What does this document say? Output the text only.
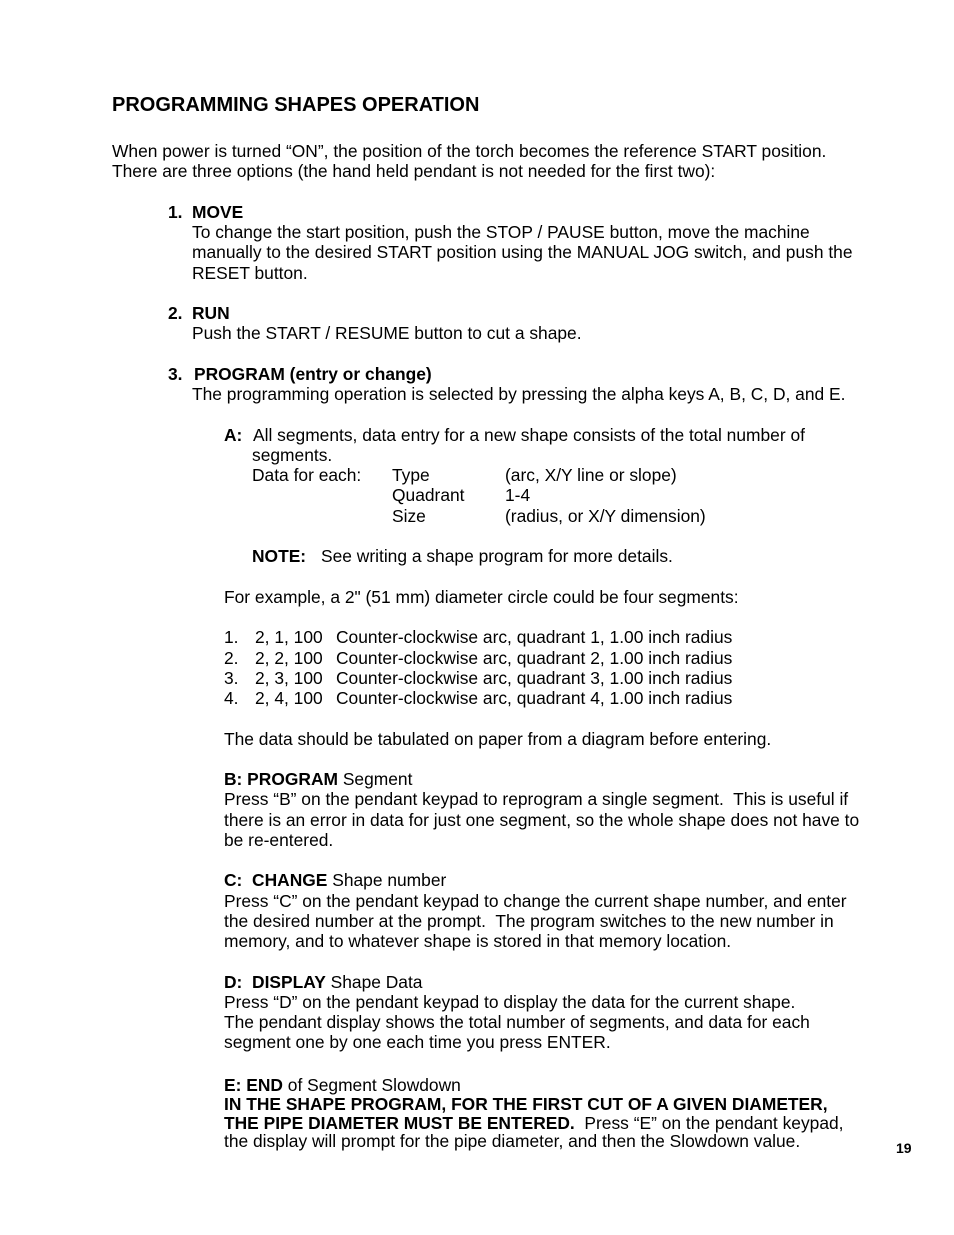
PROGRAMMING SHAPES OPERATION
When power is turned “ON”, the position of the torch becomes the reference START position.
There are three options (the hand held pendant is not needed for the first two):
1. MOVE
To change the start position, push the STOP / PAUSE button, move the machine
manually to the desired START position using the MANUAL JOG switch, and push the
RESET button.
2. RUN
Push the START / RESUME button to cut a shape.
3. PROGRAM (entry or change)
The programming operation is selected by pressing the alpha keys A, B, C, D, and E.
A: All segments, data entry for a new shape consists of the total number of
segments.
Data for each: Type	(arc, X/Y line or slope)
Quadrant 1-4
Size	(radius, or X/Y dimension)
NOTE: See writing a shape program for more details.
For example, a 2" (51 mm) diameter circle could be four segments:
1. 2, 1, 100 Counter-clockwise arc, quadrant 1, 1.00 inch radius
2. 2, 2, 100 Counter-clockwise arc, quadrant 2, 1.00 inch radius
3. 2, 3, 100 Counter-clockwise arc, quadrant 3, 1.00 inch radius
4. 2, 4, 100 Counter-clockwise arc, quadrant 4, 1.00 inch radius
The data should be tabulated on paper from a diagram before entering.
B: PROGRAM Segment
Press “B” on the pendant keypad to reprogram a single segment.  This is useful if
there is an error in data for just one segment, so the whole shape does not have to
be re-entered.
C:  CHANGE Shape number
Press “C” on the pendant keypad to change the current shape number, and enter
the desired number at the prompt.  The program switches to the new number in
memory, and to whatever shape is stored in that memory location.
D:  DISPLAY Shape Data
Press “D” on the pendant keypad to display the data for the current shape.
The pendant display shows the total number of segments, and data for each
segment one by one each time you press ENTER.
E: END of Segment Slowdown
IN THE SHAPE PROGRAM, FOR THE FIRST CUT OF A GIVEN DIAMETER,
THE PIPE DIAMETER MUST BE ENTERED.  Press “E” on the pendant keypad,
the display will prompt for the pipe diameter, and then the Slowdown value.	19
